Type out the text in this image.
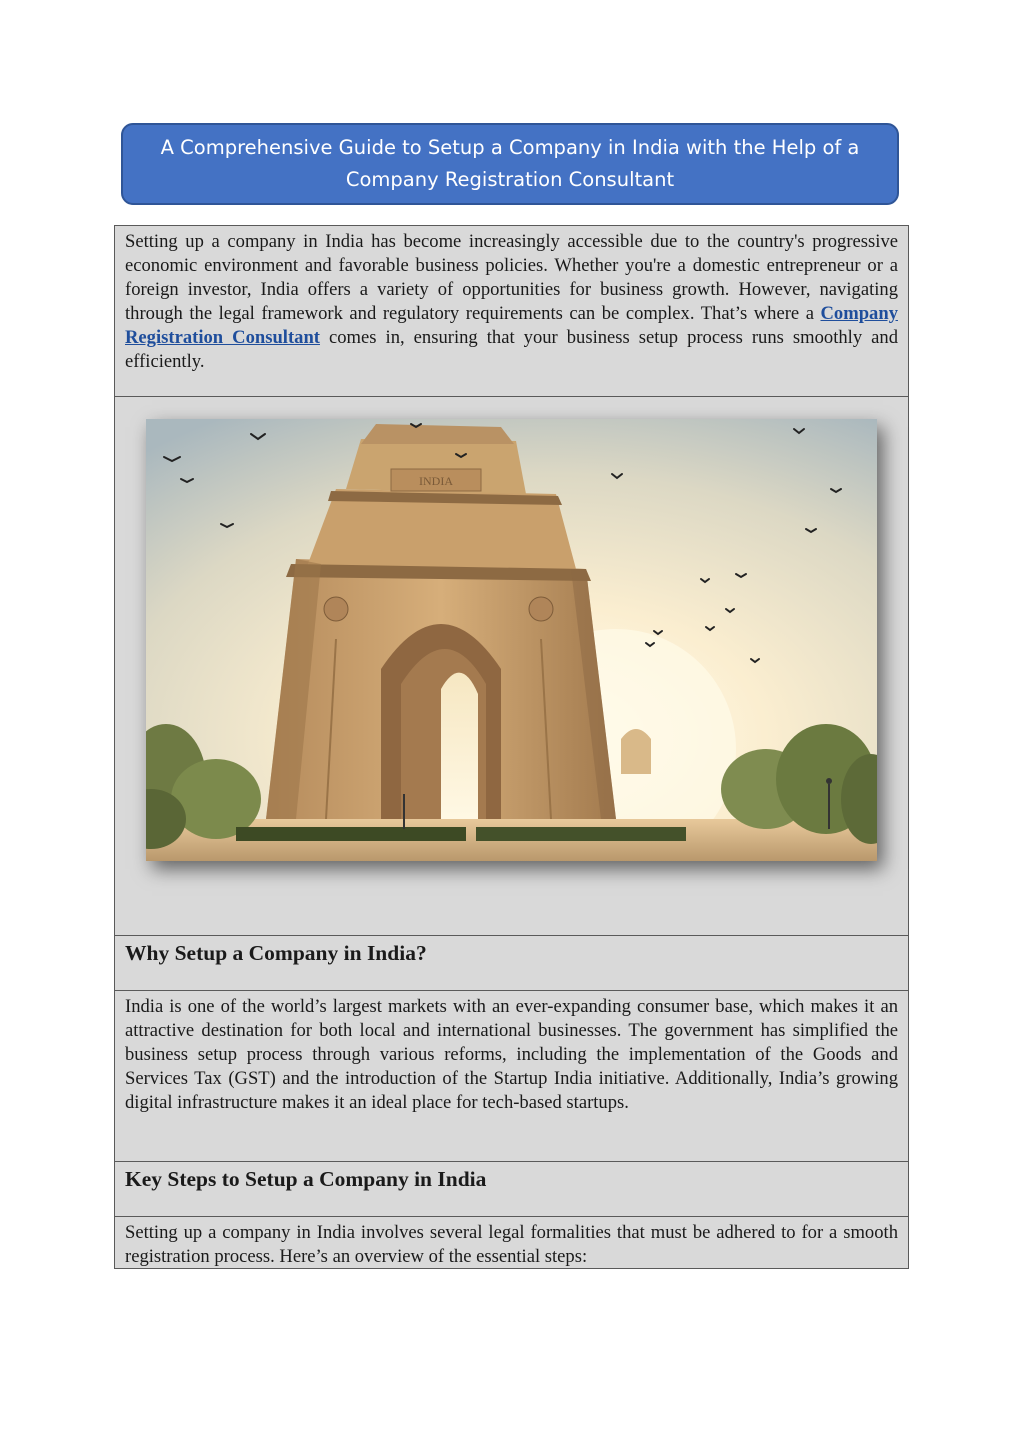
A Comprehensive Guide to Setup a Company in India with the Help of a Company Registration Consultant

Setting up a company in India has become increasingly accessible due to the country's progressive economic environment and favorable business policies. Whether you're a domestic entrepreneur or a foreign investor, India offers a variety of opportunities for business growth. However, navigating through the legal framework and regulatory requirements can be complex. That’s where a Company Registration Consultant comes in, ensuring that your business setup process runs smoothly and efficiently.

INDIA
Why Setup a Company in India?

India is one of the world’s largest markets with an ever-expanding consumer base, which makes it an attractive destination for both local and international businesses. The government has simplified the business setup process through various reforms, including the implementation of the Goods and Services Tax (GST) and the introduction of the Startup India initiative. Additionally, India’s growing digital infrastructure makes it an ideal place for tech-based startups.

Key Steps to Setup a Company in India

Setting up a company in India involves several legal formalities that must be adhered to for a smooth registration process. Here’s an overview of the essential steps:
